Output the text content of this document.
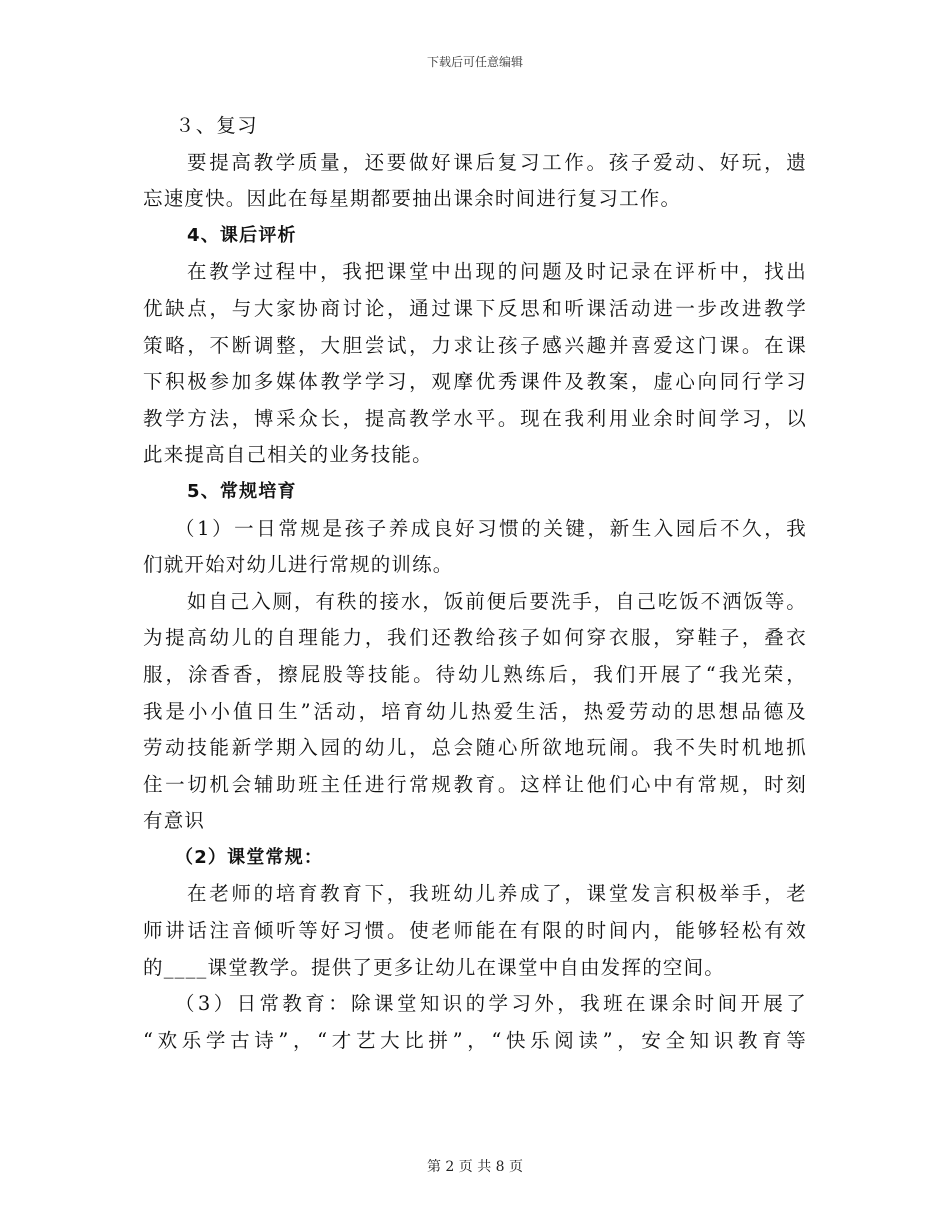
下载后可任意编辑
３、复习
要提高教学质量，还要做好课后复习工作。孩子爱动、好玩，遗
忘速度快。因此在每星期都要抽出课余时间进行复习工作。
4、课后评析
在教学过程中，我把课堂中出现的问题及时记录在评析中，找出
优缺点，与大家协商讨论，通过课下反思和听课活动进一步改进教学
策略，不断调整，大胆尝试，力求让孩子感兴趣并喜爱这门课。在课
下积极参加多媒体教学学习，观摩优秀课件及教案，虚心向同行学习
教学方法，博采众长，提高教学水平。现在我利用业余时间学习，以
此来提高自己相关的业务技能。
5、常规培育
（1）一日常规是孩子养成良好习惯的关键，新生入园后不久，我
们就开始对幼儿进行常规的训练。
如自己入厕，有秩的接水，饭前便后要洗手，自己吃饭不洒饭等。
为提高幼儿的自理能力，我们还教给孩子如何穿衣服，穿鞋子，叠衣
服，涂香香，擦屁股等技能。待幼儿熟练后，我们开展了“我光荣，
我是小小值日生”活动，培育幼儿热爱生活，热爱劳动的思想品德及
劳动技能新学期入园的幼儿，总会随心所欲地玩闹。我不失时机地抓
住一切机会辅助班主任进行常规教育。这样让他们心中有常规，时刻
有意识
（2）课堂常规：
在老师的培育教育下，我班幼儿养成了，课堂发言积极举手，老
师讲话注音倾听等好习惯。使老师能在有限的时间内，能够轻松有效
的____课堂教学。提供了更多让幼儿在课堂中自由发挥的空间。
（3）日常教育：除课堂知识的学习外，我班在课余时间开展了
“欢乐学古诗”，“才艺大比拼”，“快乐阅读”，安全知识教育等
第 2 页 共 8 页
